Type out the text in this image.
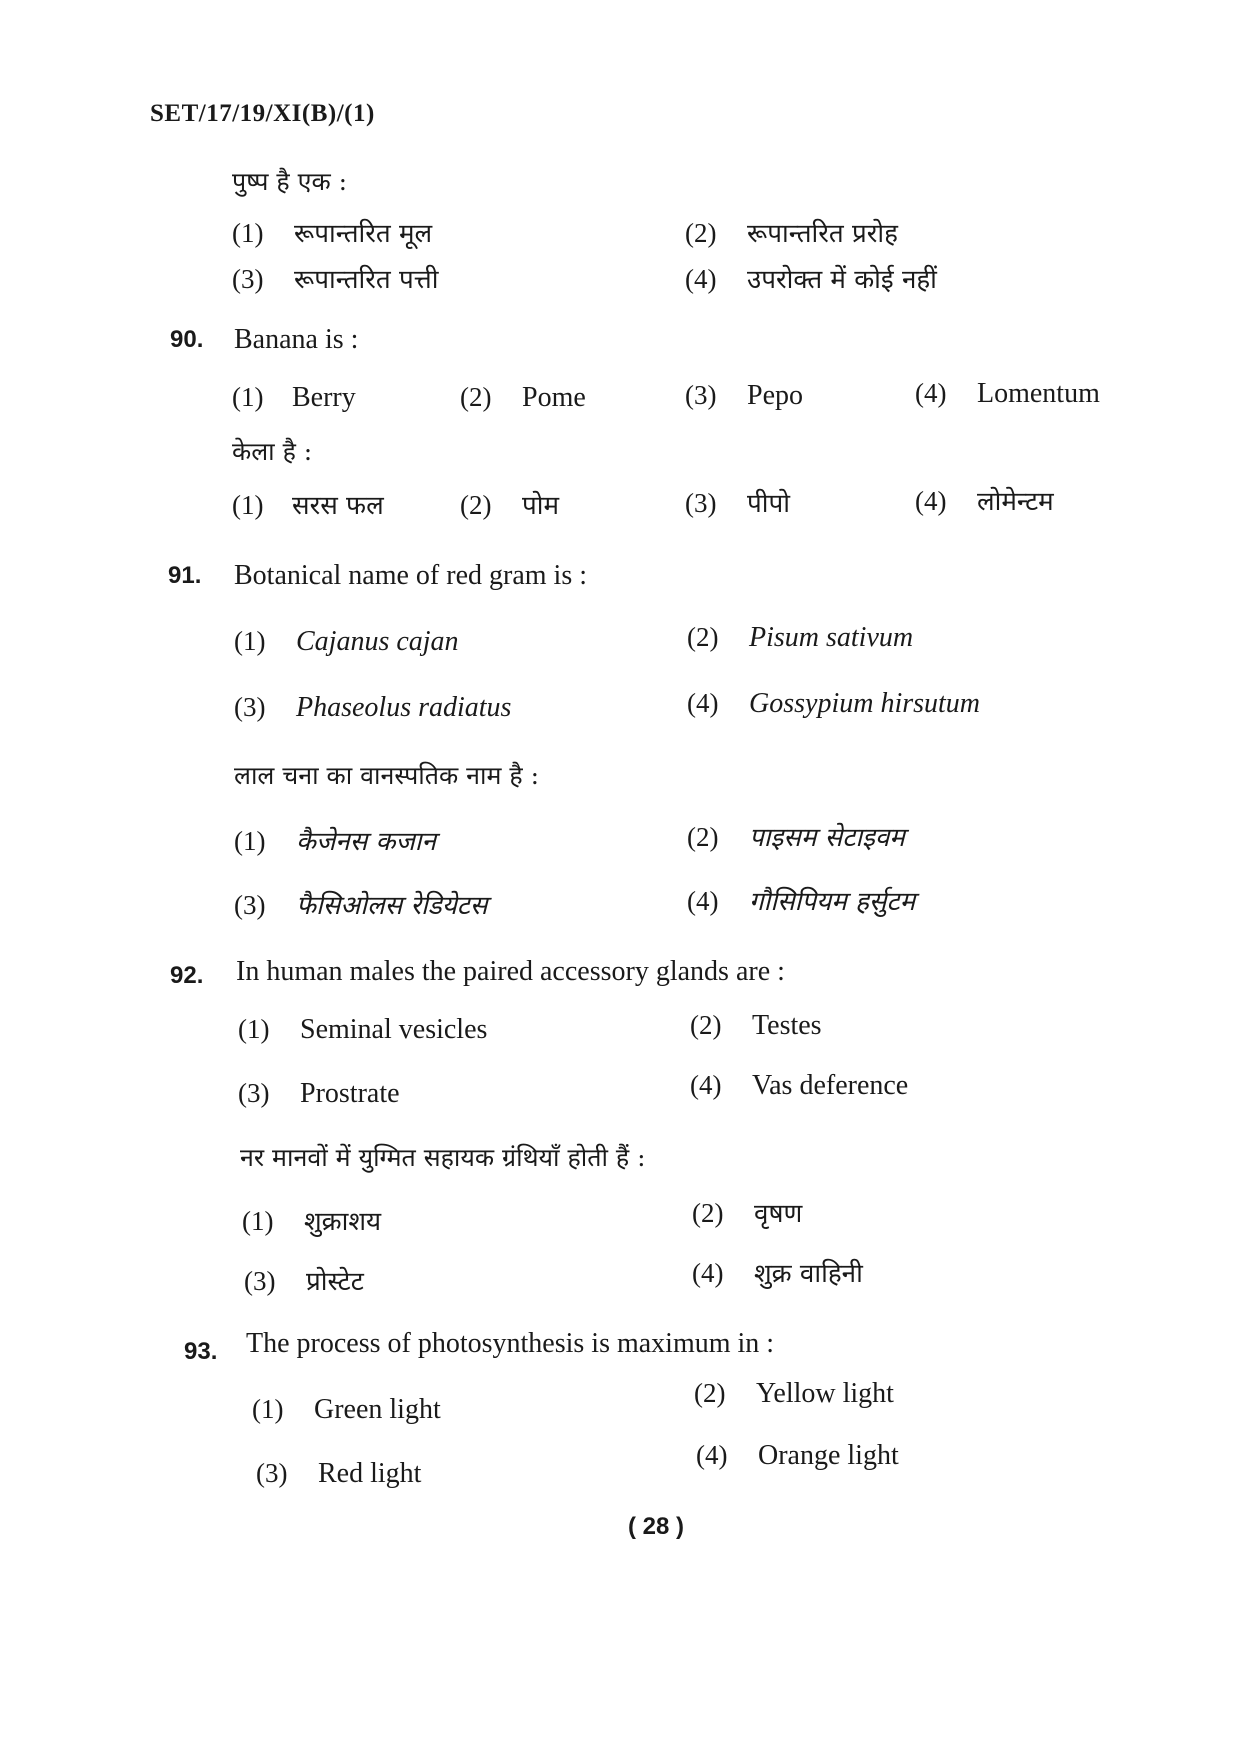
SET/17/19/XI(B)/(1)
पुष्प है एक :
(1) रूपान्तरित मूल	(2) रूपान्तरित प्ररोह
(3) रूपान्तरित पत्ती	(4) उपरोक्त में कोई नहीं
90. Banana is :
(1) Berry	(2) Pome	(3) Pepo	(4) Lomentum
केला है :
(1) सरस फल	(2) पोम	(3) पीपो	(4) लोमेन्टम
91. Botanical name of red gram is :
(1) Cajanus cajan	(2) Pisum sativum
(3) Phaseolus radiatus	(4) Gossypium hirsutum
लाल चना का वानस्पतिक नाम है :
(1) कैजेनस कजान	(2) पाइसम सेटाइवम
(3) फैसिओलस रेडियेटस	(4) गौसिपियम हर्सुटम
92. In human males the paired accessory glands are :
(1) Seminal vesicles	(2) Testes
(3) Prostrate	(4) Vas deference
नर मानवों में युग्मित सहायक ग्रंथियाँ होती हैं :
(1) शुक्राशय	(2) वृषण
(3) प्रोस्टेट	(4) शुक्र वाहिनी
93. The process of photosynthesis is maximum in :
(1) Green light
(2) Yellow light
(3) Red light
(4) Orange light
( 28 )
